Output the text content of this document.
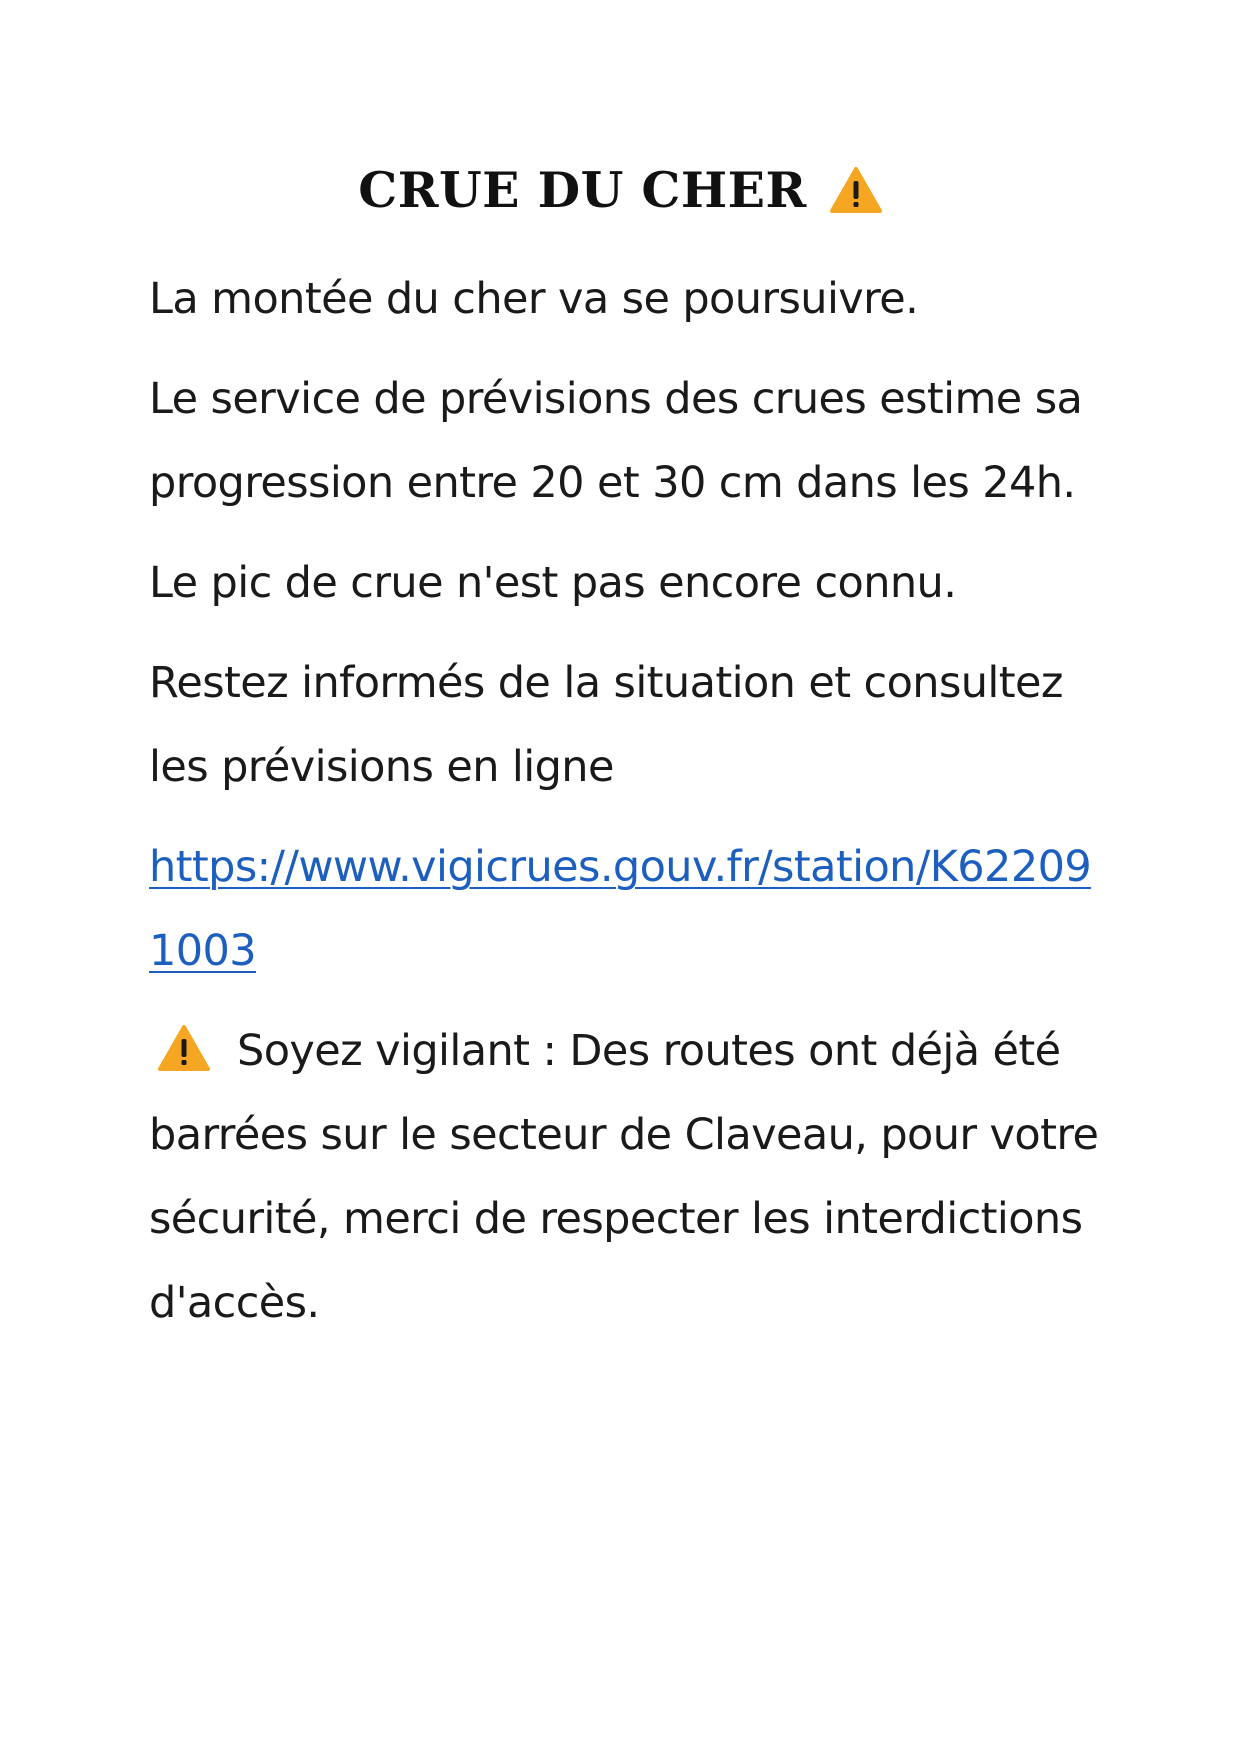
CRUE DU CHER

La montée du cher va se poursuivre.

Le service de prévisions des crues estime sa progression entre 20 et 30 cm dans les 24h.

Le pic de crue n'est pas encore connu.

Restez informés de la situation et consultez les prévisions en ligne

https://www.vigicrues.gouv.fr/station/K622091003

Soyez vigilant : Des routes ont déjà été barrées sur le secteur de Claveau, pour votre sécurité, merci de respecter les interdictions d'accès.
